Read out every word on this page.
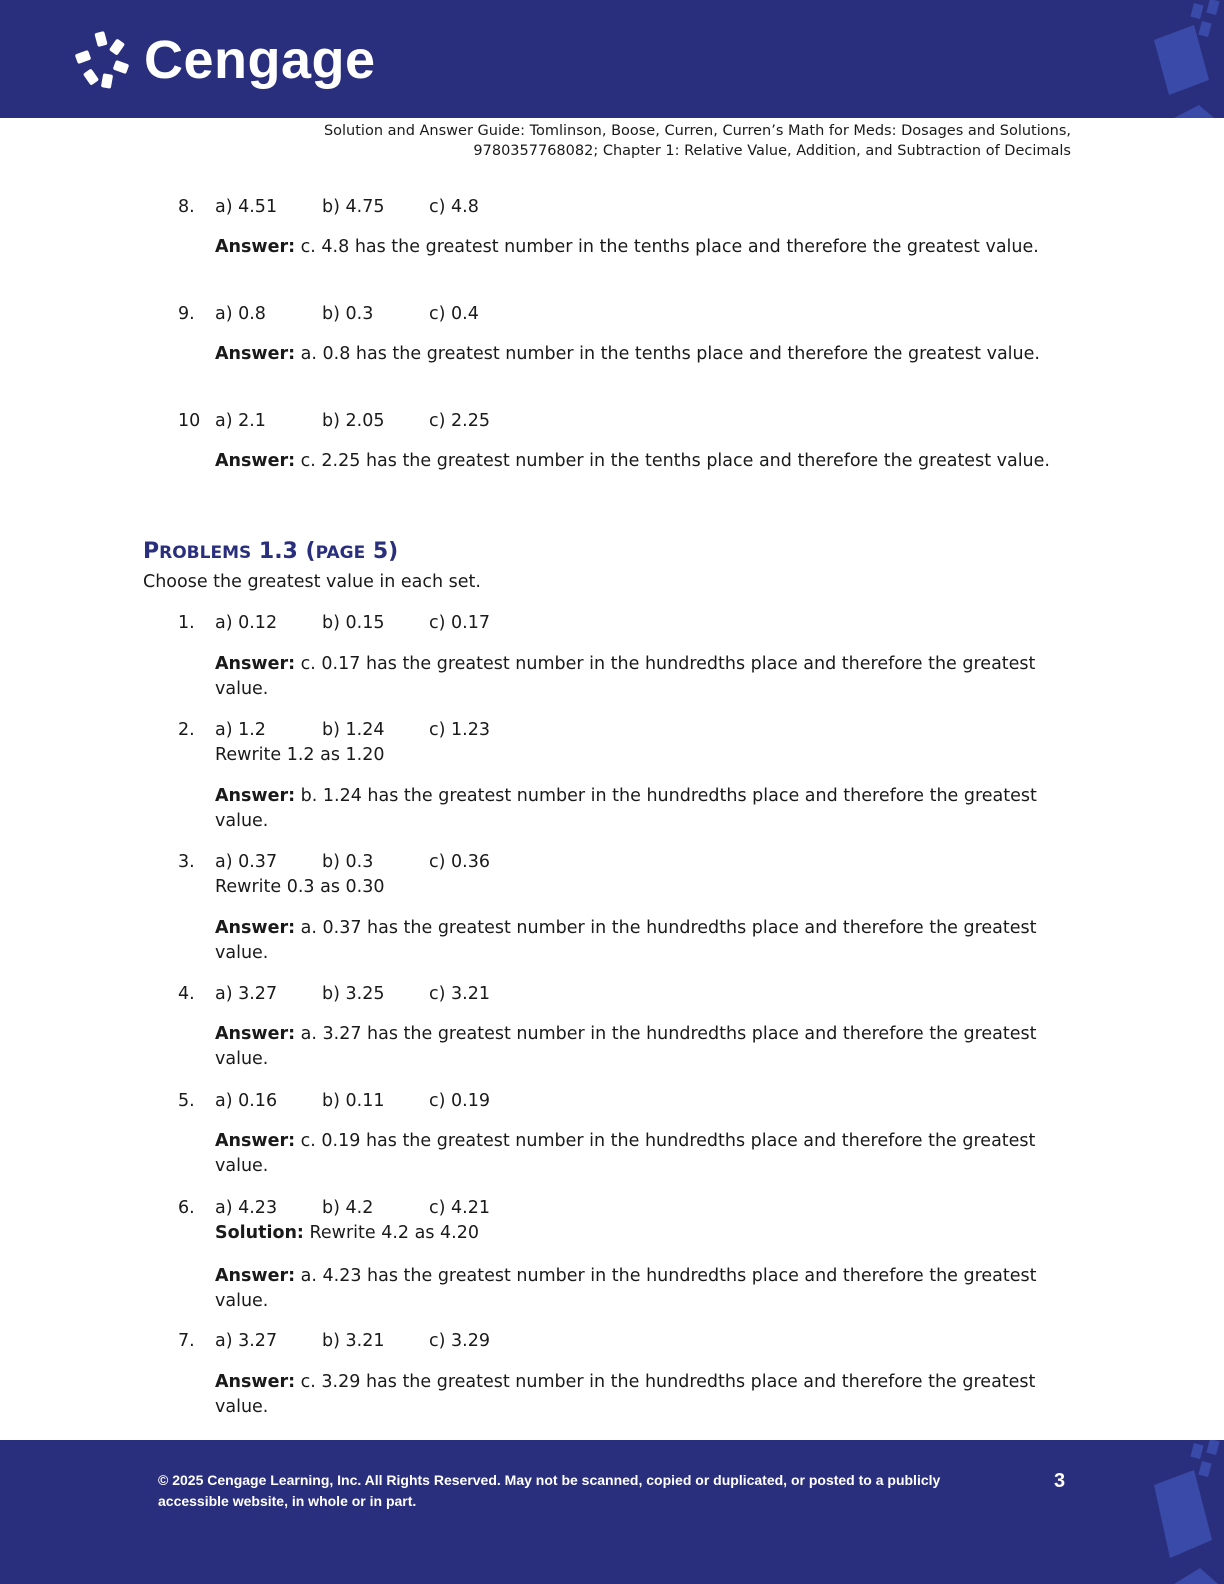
Cengage
Solution and Answer Guide: Tomlinson, Boose, Curren, Curren’s Math for Meds: Dosages and Solutions,
9780357768082; Chapter 1: Relative Value, Addition, and Subtraction of Decimals
8.	a) 4.51	b) 4.75	c) 4.8
Answer: c. 4.8 has the greatest number in the tenths place and therefore the greatest value.
9.	a) 0.8	b) 0.3	c) 0.4
Answer: a. 0.8 has the greatest number in the tenths place and therefore the greatest value.
10 a) 2.1	b) 2.05	c) 2.25
Answer: c. 2.25 has the greatest number in the tenths place and therefore the greatest value.
PROBLEMS 1.3 (PAGE 5)
Choose the greatest value in each set.
1.	a) 0.12	b) 0.15	c) 0.17
Answer: c. 0.17 has the greatest number in the hundredths place and therefore the greatest value.
2.	a) 1.2	b) 1.24	c) 1.23
Rewrite 1.2 as 1.20
Answer: b. 1.24 has the greatest number in the hundredths place and therefore the greatest value.
3.	a) 0.37	b) 0.3	c) 0.36
Rewrite 0.3 as 0.30
Answer: a. 0.37 has the greatest number in the hundredths place and therefore the greatest value.
4.	a) 3.27	b) 3.25	c) 3.21
Answer: a. 3.27 has the greatest number in the hundredths place and therefore the greatest value.
5.	a) 0.16	b) 0.11	c) 0.19
Answer: c. 0.19 has the greatest number in the hundredths place and therefore the greatest value.
6.	a) 4.23	b) 4.2	c) 4.21
Solution: Rewrite 4.2 as 4.20
Answer: a. 4.23 has the greatest number in the hundredths place and therefore the greatest value.
7.	a) 3.27	b) 3.21	c) 3.29
Answer: c. 3.29 has the greatest number in the hundredths place and therefore the greatest value.
© 2025 Cengage Learning, Inc. All Rights Reserved. May not be scanned, copied or duplicated, or posted to a publicly
accessible website, in whole or in part.
3
